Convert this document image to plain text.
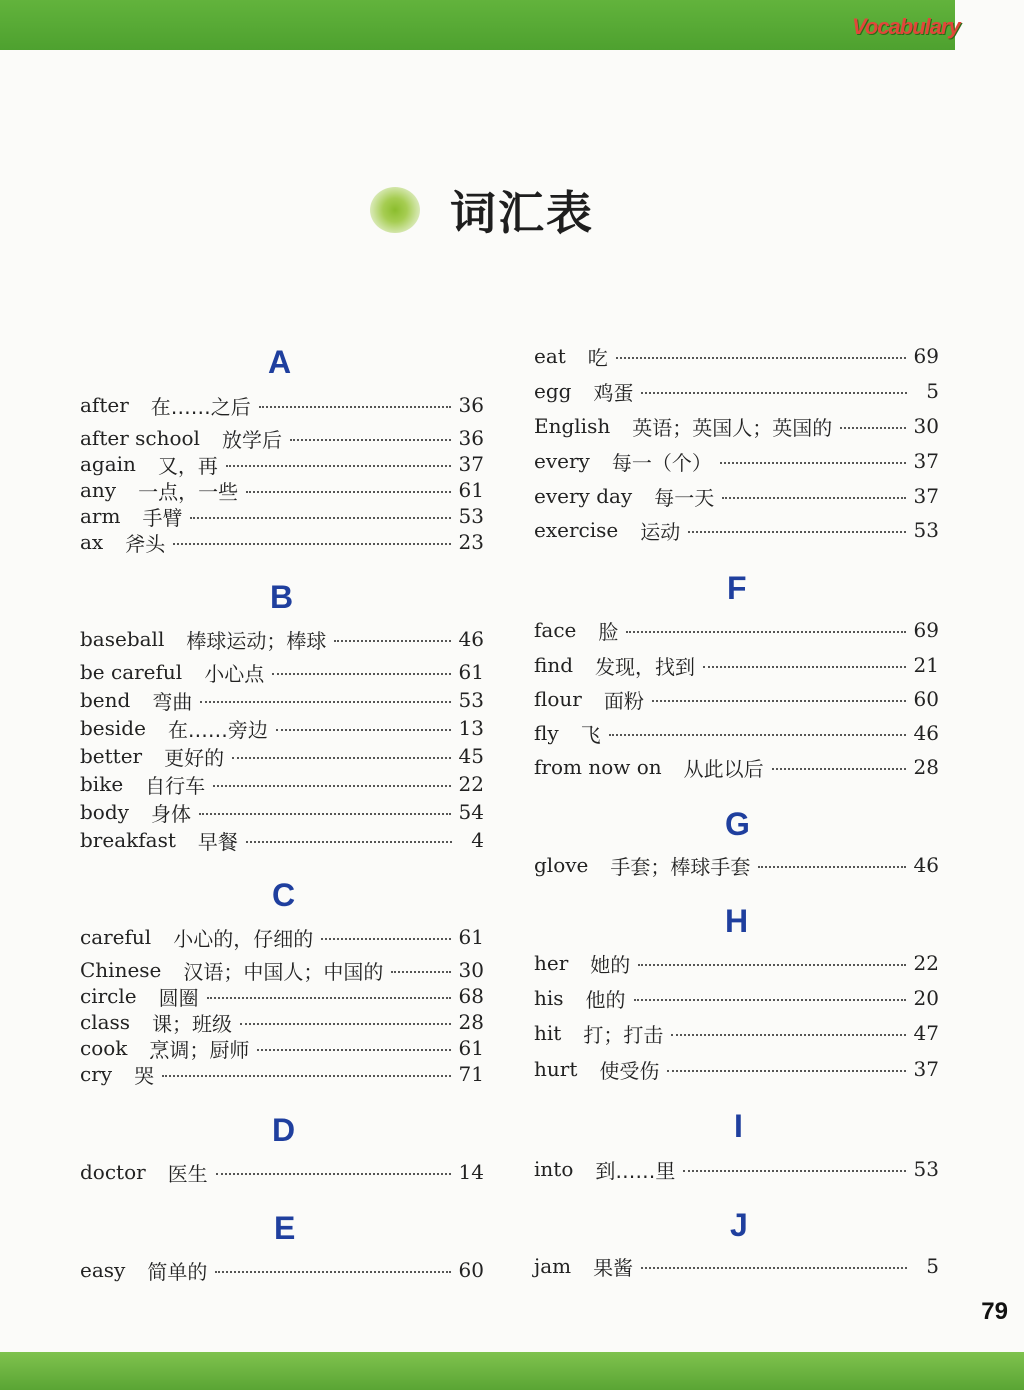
Vocabulary
词汇表
A
after 在……之后	36
after school 放学后	36
again 又，再	37
any 一点，一些	61
arm 手臂	53
ax 斧头	23
B
baseball 棒球运动；棒球	46
be careful 小心点	61
bend 弯曲	53
beside 在……旁边	13
better 更好的	45
bike 自行车	22
body 身体	54
breakfast 早餐	4
C
careful 小心的，仔细的	61
Chinese 汉语；中国人；中国的	30
circle 圆圈	68
class 课；班级	28
cook 烹调；厨师	61
cry 哭	71
D
doctor 医生	14
E
easy 简单的	60
eat 吃	69
egg 鸡蛋	5
English 英语；英国人；英国的	30
every 每一（个）	37
every day 每一天	37
exercise 运动	53
F
face 脸	69
find 发现，找到	21
flour 面粉	60
fly 飞	46
from now on 从此以后	28
G
glove 手套；棒球手套	46
H
her 她的	22
his 他的	20
hit 打；打击	47
hurt 使受伤	37
I
into 到……里	53
J
jam 果酱	5
79
